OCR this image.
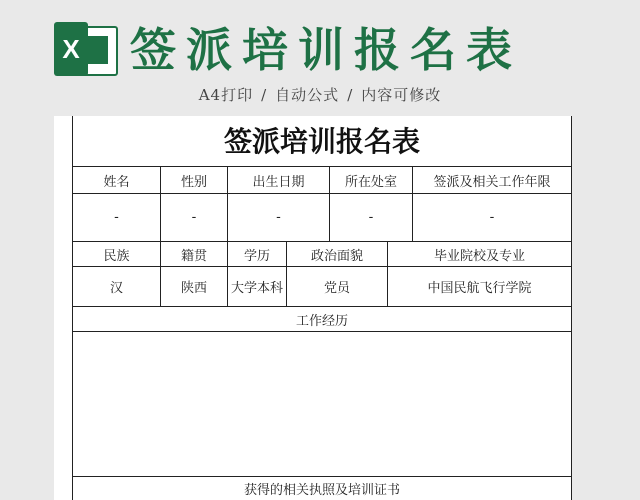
X 签派培训报名表
A4打印 / 自动公式 / 内容可修改
签派培训报名表
姓名	性别	出生日期	所在处室	签派及相关工作年限
-	-	-	-	-
民族	籍贯	学历	政治面貌	毕业院校及专业
汉	陕西	大学本科	党员	中国民航飞行学院
工作经历
获得的相关执照及培训证书
